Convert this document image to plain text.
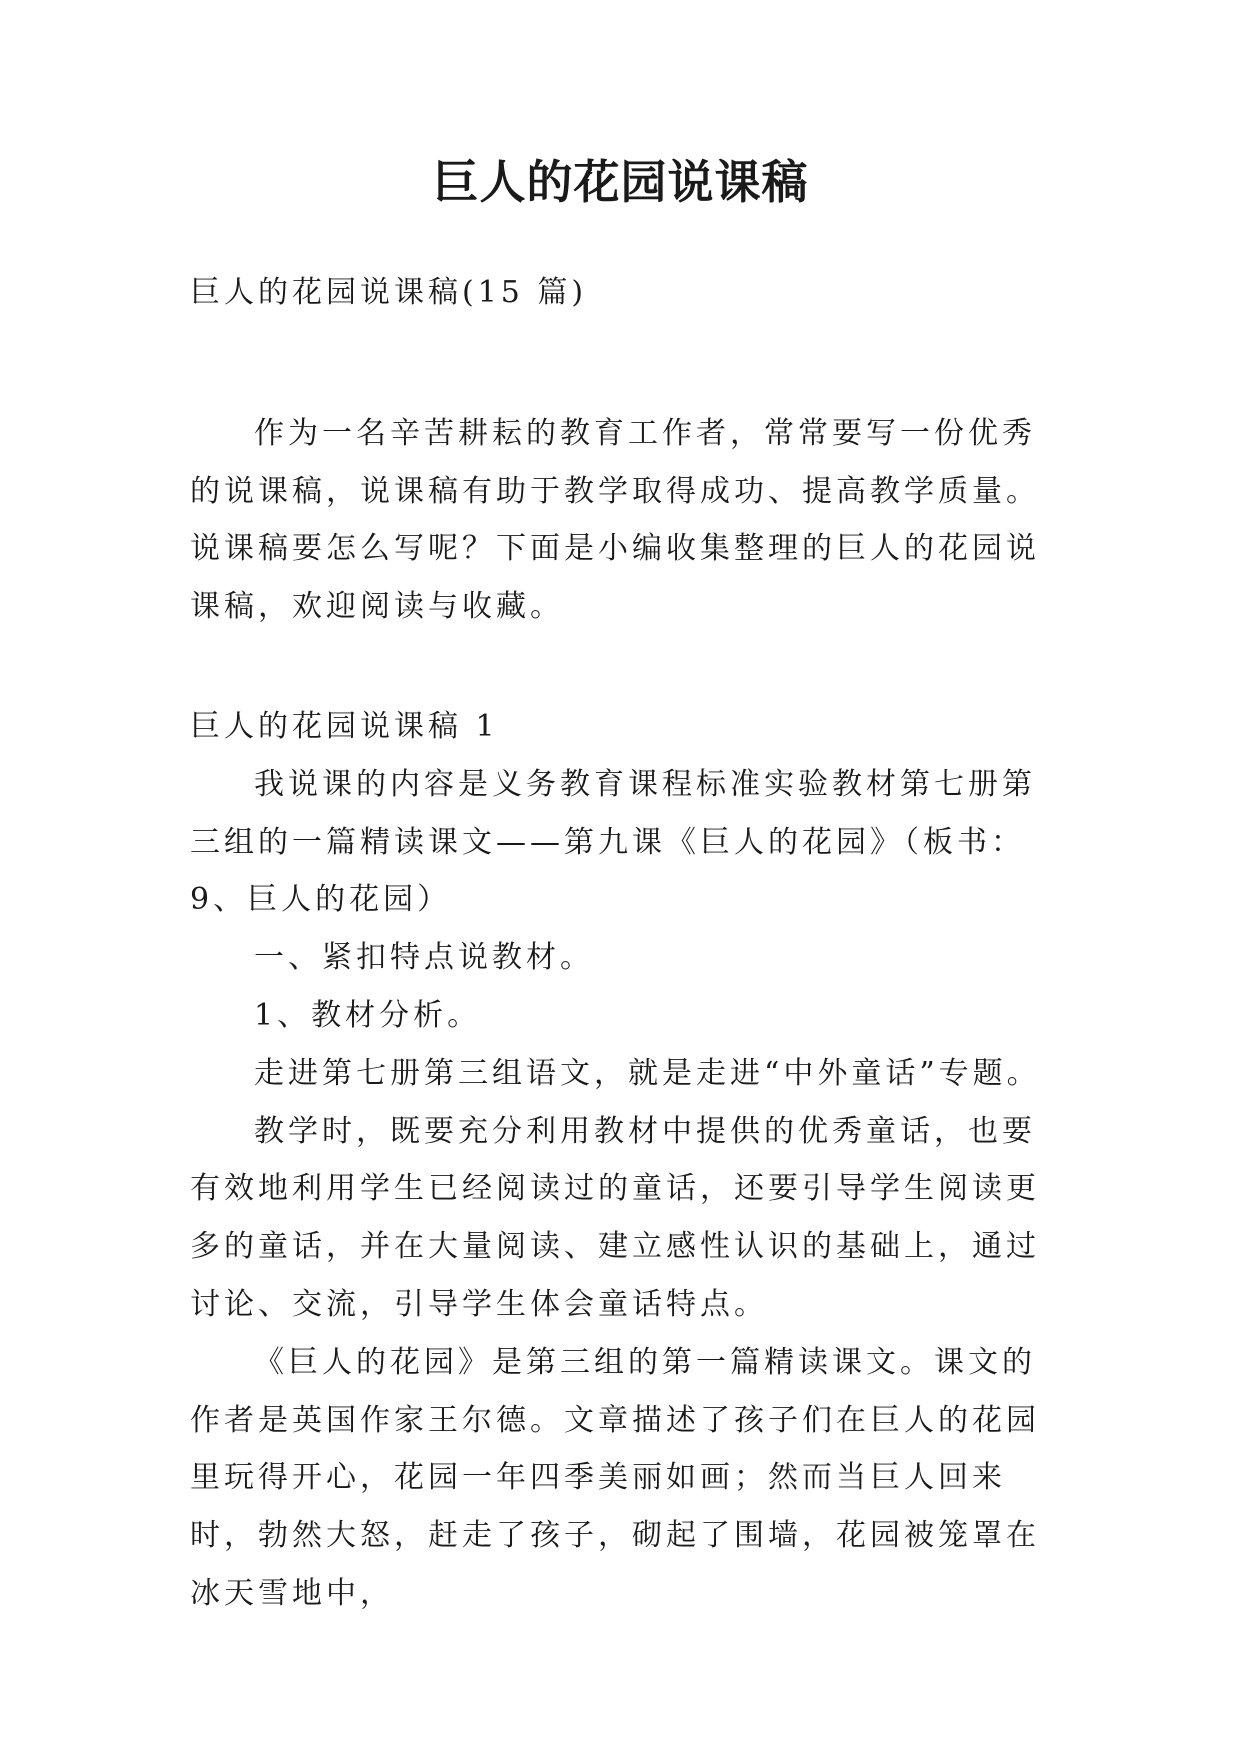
巨人的花园说课稿
巨人的花园说课稿(15 篇)

作为一名辛苦耕耘的教育工作者，常常要写一份优秀的说课稿，说课稿有助于教学取得成功、提高教学质量。说课稿要怎么写呢？下面是小编收集整理的巨人的花园说课稿，欢迎阅读与收藏。

巨人的花园说课稿 1

我说课的内容是义务教育课程标准实验教材第七册第三组的一篇精读课文——第九课《巨人的花园》（板书：9、巨人的花园）

一、紧扣特点说教材。

1、教材分析。

走进第七册第三组语文，就是走进“中外童话”专题。

教学时，既要充分利用教材中提供的优秀童话，也要有效地利用学生已经阅读过的童话，还要引导学生阅读更多的童话，并在大量阅读、建立感性认识的基础上，通过讨论、交流，引导学生体会童话特点。

《巨人的花园》是第三组的第一篇精读课文。课文的作者是英国作家王尔德。文章描述了孩子们在巨人的花园里玩得开心，花园一年四季美丽如画；然而当巨人回来时，勃然大怒，赶走了孩子，砌起了围墙，花园被笼罩在冰天雪地中，
